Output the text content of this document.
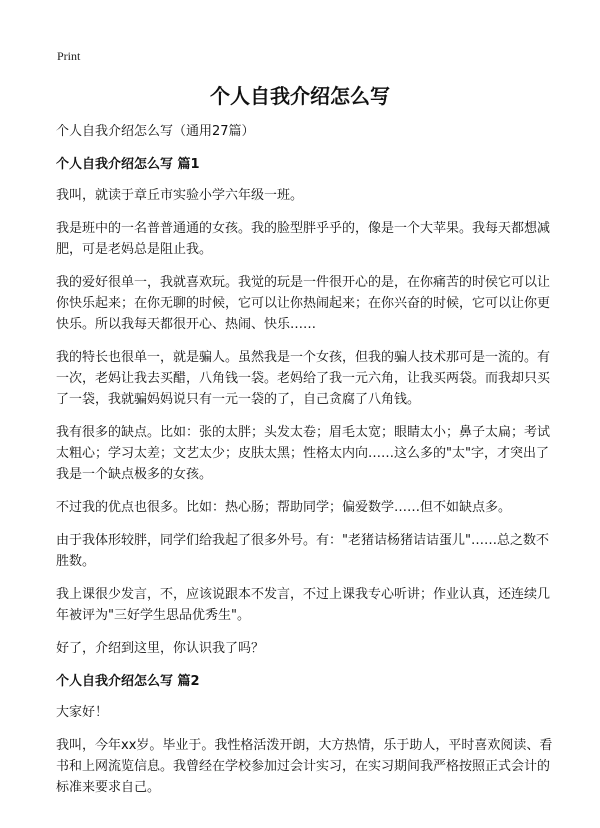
Print
个人自我介绍怎么写

个人自我介绍怎么写（通用27篇）

个人自我介绍怎么写 篇1

我叫，就读于章丘市实验小学六年级一班。

我是班中的一名普普通通的女孩。我的脸型胖乎乎的，像是一个大苹果。我每天都想减肥，可是老妈总是阻止我。

我的爱好很单一，我就喜欢玩。我觉的玩是一件很开心的是，在你痛苦的时侯它可以让你快乐起来；在你无聊的时候，它可以让你热闹起来；在你兴奋的时候，它可以让你更快乐。所以我每天都很开心、热闹、快乐……

我的特长也很单一，就是骗人。虽然我是一个女孩，但我的骗人技术那可是一流的。有一次，老妈让我去买醋，八角钱一袋。老妈给了我一元六角，让我买两袋。而我却只买了一袋，我就骗妈妈说只有一元一袋的了，自己贪腐了八角钱。

我有很多的缺点。比如：张的太胖；头发太卷；眉毛太宽；眼睛太小；鼻子太扁；考试太粗心；学习太差；文艺太少；皮肤太黑；性格太内向……这么多的"太"字，才突出了我是一个缺点极多的女孩。

不过我的优点也很多。比如：热心肠；帮助同学；偏爱数学……但不如缺点多。

由于我体形较胖，同学们给我起了很多外号。有："老猪诘杨猪诘诘蛋儿"……总之数不胜数。

我上课很少发言，不，应该说跟本不发言，不过上课我专心听讲；作业认真，还连续几年被评为"三好学生思品优秀生"。

好了，介绍到这里，你认识我了吗？

个人自我介绍怎么写 篇2

大家好！

我叫，今年xx岁。毕业于。我性格活泼开朗，大方热情，乐于助人，平时喜欢阅读、看书和上网流览信息。我曾经在学校参加过会计实习，在实习期间我严格按照正式会计的标准来要求自己。
